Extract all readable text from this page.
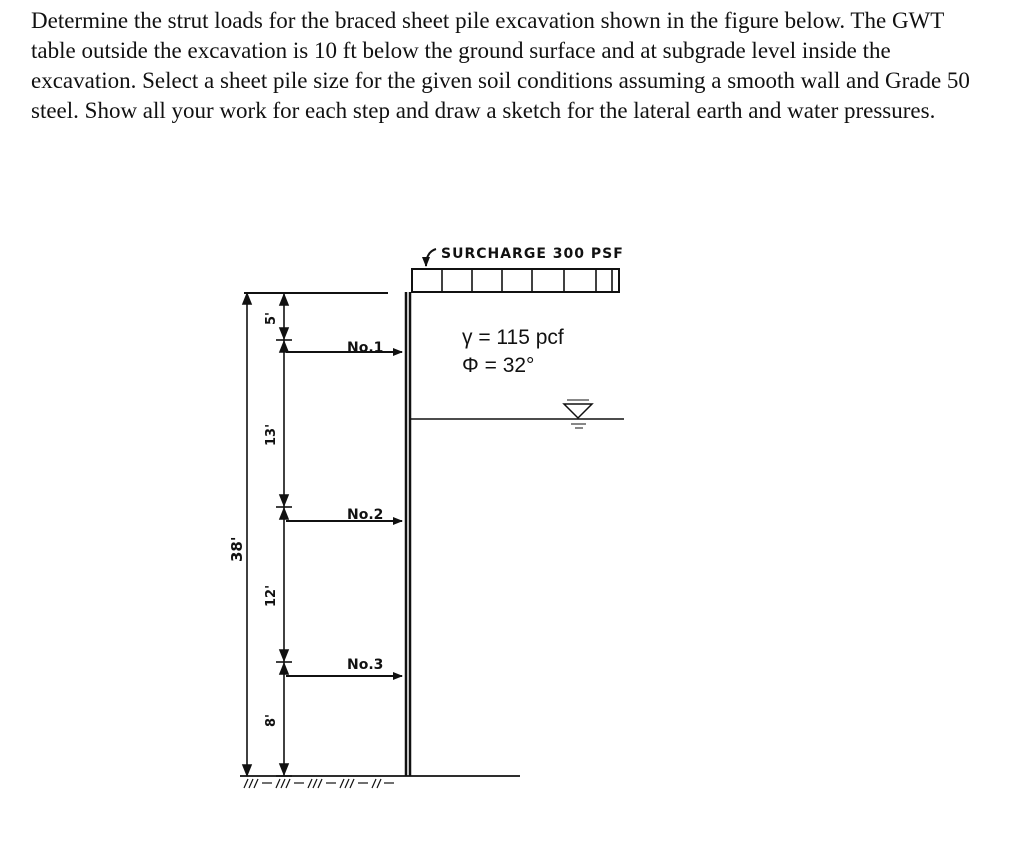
Determine the strut loads for the braced sheet pile excavation shown in the figure below. The GWT table outside the excavation is 10 ft below the ground surface and at subgrade level inside the excavation. Select a sheet pile size for the given soil conditions assuming a smooth wall and Grade 50 steel. Show all your work for each step and draw a sketch for the lateral earth and water pressures.

SURCHARGE 300 PSF
γ = 115 pcf
Φ = 32°
No.1
No.2
No.3
5'
13'
12'
8'
38'
